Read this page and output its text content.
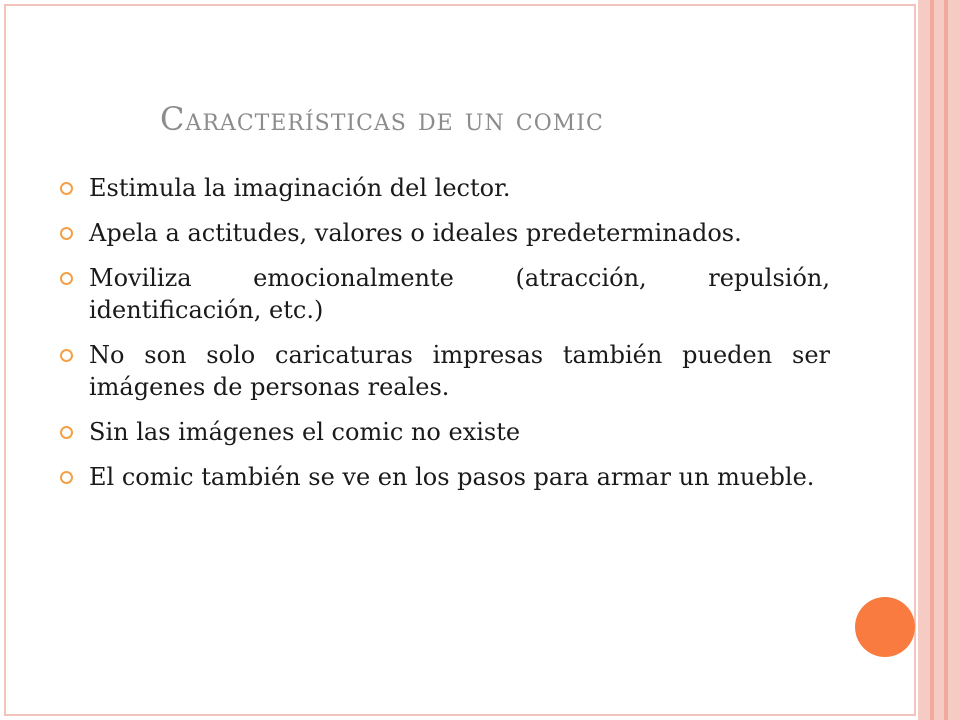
Características de un comic
Estimula la imaginación del lector.
Apela a actitudes, valores o ideales predeterminados.
Moviliza emocionalmente (atracción, repulsión, identificación, etc.)
No son solo caricaturas impresas también pueden ser imágenes de personas reales.
Sin las imágenes el comic no existe
El comic también se ve en los pasos para armar un mueble.
